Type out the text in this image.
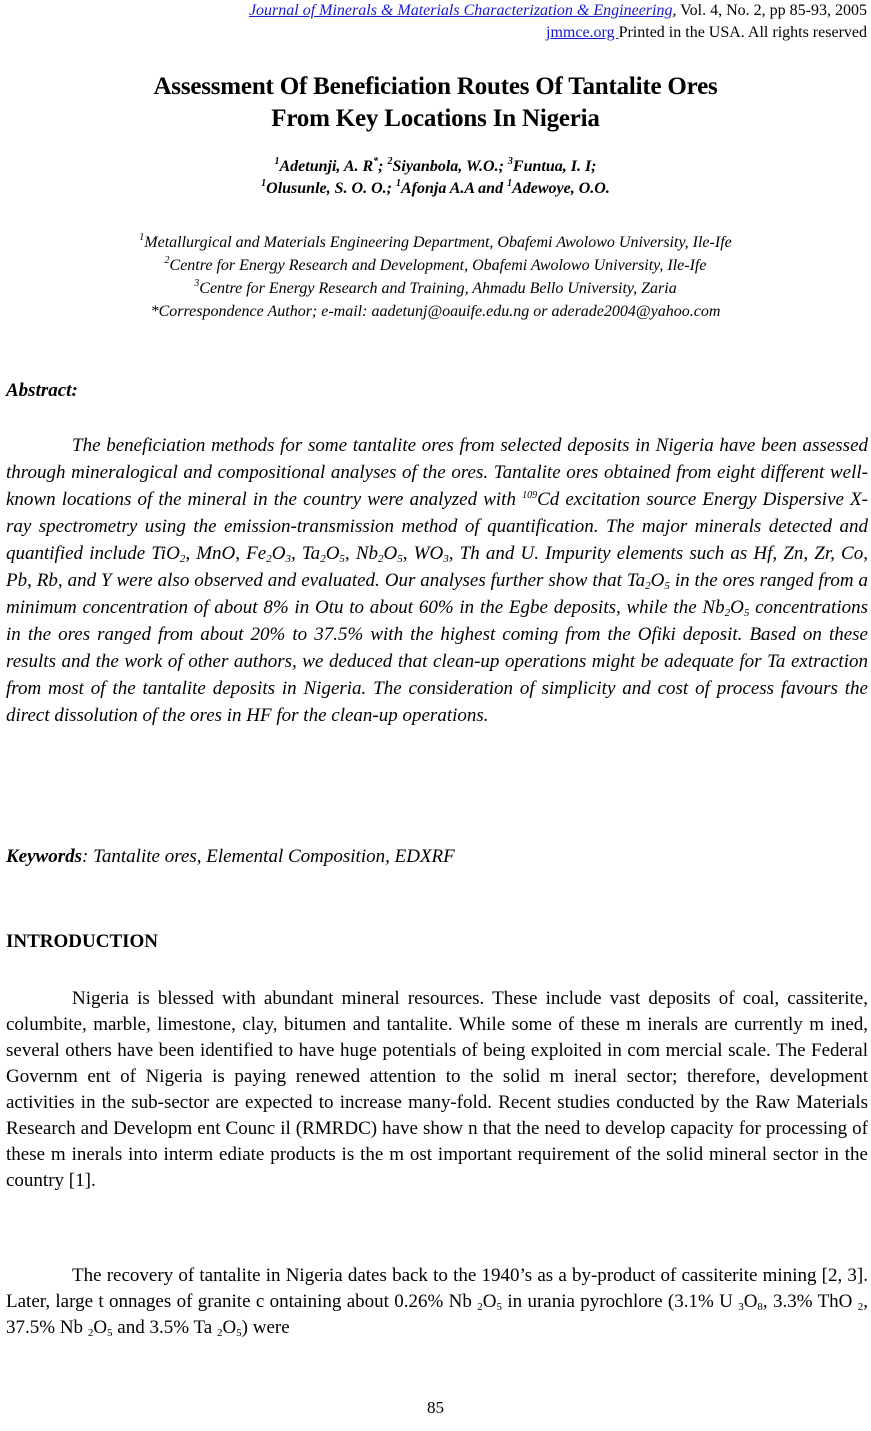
Journal of Minerals & Materials Characterization & Engineering, Vol. 4, No. 2, pp 85-93, 2005
jmmce.org Printed in the USA. All rights reserved
Assessment Of Beneficiation Routes Of Tantalite Ores
From Key Locations In Nigeria
$^1$Adetunji, A. R*; $^2$Siyanbola, W.O.; $^3$Funtua, I. I;
$^1$Olusunle, S. O. O.; $^1$Afonja A.A and $^1$Adewoye, O.O.
$^1$Metallurgical and Materials Engineering Department, Obafemi Awolowo University, Ile-Ife
$^2$Centre for Energy Research and Development, Obafemi Awolowo University, Ile-Ife
$^3$Centre for Energy Research and Training, Ahmadu Bello University, Zaria
*Correspondence Author; e-mail: aadetunj@oauife.edu.ng or aderade2004@yahoo.com
Abstract:
The beneficiation methods for some tantalite ores from selected deposits in Nigeria have been assessed through mineralogical and compositional analyses of the ores. Tantalite ores obtained from eight different well-known locations of the mineral in the country were analyzed with $^{109}$Cd excitation source Energy Dispersive X-ray spectrometry using the emission-transmission method of quantification. The major minerals detected and quantified include TiO$_2$, MnO, $Fe_2O_3$, $Ta_2O_5$, $Nb_2O_5$, $WO_3$, Th and U. Impurity elements such as Hf, Zn, Zr, Co, Pb, Rb, and Y were also observed and evaluated. Our analyses further show that $Ta_2O_5$ in the ores ranged from a minimum concentration of about 8% in Otu to about 60% in the Egbe deposits, while the $Nb_2O_5$ concentrations in the ores ranged from about 20% to 37.5% with the highest coming from the Ofiki deposit. Based on these results and the work of other authors, we deduced that clean-up operations might be adequate for Ta extraction from most of the tantalite deposits in Nigeria. The consideration of simplicity and cost of process favours the direct dissolution of the ores in HF for the clean-up operations.
Keywords: Tantalite ores, Elemental Composition, EDXRF
INTRODUCTION
Nigeria is blessed with abundant mineral resources. These include vast deposits of coal, cassiterite, columbite, marble, limestone, clay, bitumen and tantalite. While some of these m inerals are currently m ined, several others have been identified to have huge potentials of being exploited in com mercial scale. The Federal Governm ent of Nigeria is paying renewed attention to the solid m ineral sector; therefore, development activities in the sub-sector are expected to increase many-fold. Recent studies conducted by the Raw Materials Research and Developm ent Counc il (RMRDC) have show n that the need to develop capacity for processing of these m inerals into interm ediate products is the m ost important requirement of the solid mineral sector in the country [1].
The recovery of tantalite in Nigeria dates back to the 1940’s as a by-product of cassiterite mining [2, 3]. Later, large t onnages of granite c ontaining about 0.26% Nb $_2O_5$ in urania pyrochlore (3.1% U $_3O_8$, 3.3% ThO $_2$, 37.5% Nb $_2O_5$ and 3.5% Ta $_2O_5$) were
85
